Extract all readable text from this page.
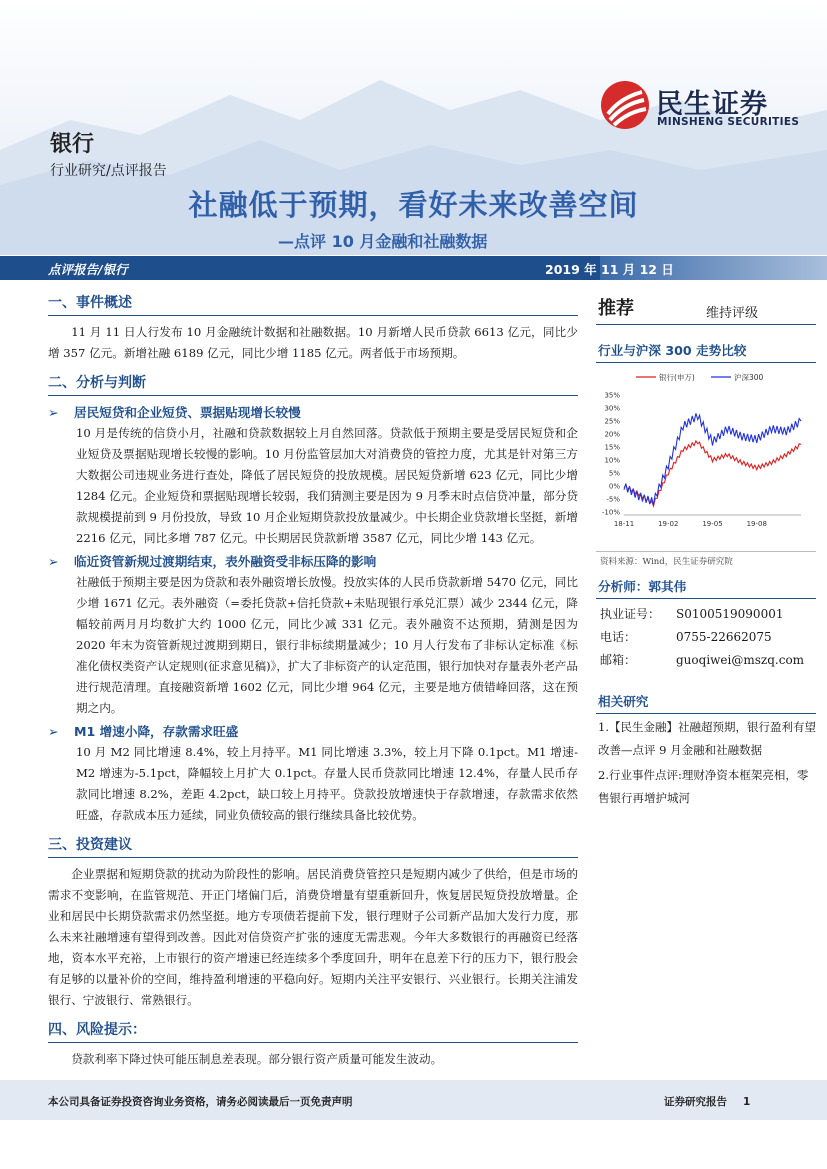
民生证券
MINSHENG SECURITIES
银行
行业研究/点评报告
社融低于预期，看好未来改善空间
—点评 10 月金融和社融数据
点评报告/银行	2019 年 11 月 12 日
一、事件概述

11 月 11 日人行发布 10 月金融统计数据和社融数据。10 月新增人民币贷款 6613 亿元，同比少增 357 亿元。新增社融 6189 亿元，同比少增 1185 亿元。两者低于市场预期。

二、分析与判断
➢ 居民短贷和企业短贷、票据贴现增长较慢

10 月是传统的信贷小月，社融和贷款数据较上月自然回落。贷款低于预期主要是受居民短贷和企业短贷及票据贴现增长较慢的影响。10 月份监管层加大对消费贷的管控力度，尤其是针对第三方大数据公司违规业务进行查处，降低了居民短贷的投放规模。居民短贷新增 623 亿元，同比少增 1284 亿元。企业短贷和票据贴现增长较弱，我们猜测主要是因为 9 月季末时点信贷冲量，部分贷款规模提前到 9 月份投放，导致 10 月企业短期贷款投放量减少。中长期企业贷款增长坚挺，新增 2216 亿元，同比多增 787 亿元。中长期居民贷款新增 3587 亿元，同比少增 143 亿元。

➢ 临近资管新规过渡期结束，表外融资受非标压降的影响

社融低于预期主要是因为贷款和表外融资增长放慢。投放实体的人民币贷款新增 5470 亿元，同比少增 1671 亿元。表外融资（=委托贷款+信托贷款+未贴现银行承兑汇票）减少 2344 亿元，降幅较前两月月均数扩大约 1000 亿元，同比少减 331 亿元。表外融资不达预期，猜测是因为 2020 年末为资管新规过渡期到期日，银行非标续期量减少；10 月人行发布了非标认定标准《标准化债权类资产认定规则(征求意见稿)》，扩大了非标资产的认定范围，银行加快对存量表外老产品进行规范清理。直接融资新增 1602 亿元，同比少增 964 亿元，主要是地方债错峰回落，这在预期之内。

➢ M1 增速小降，存款需求旺盛

10 月 M2 同比增速 8.4%，较上月持平。M1 同比增速 3.3%，较上月下降 0.1pct。M1 增速-M2 增速为-5.1pct，降幅较上月扩大 0.1pct。存量人民币贷款同比增速 12.4%，存量人民币存款同比增速 8.2%，差距 4.2pct，缺口较上月持平。贷款投放增速快于存款增速，存款需求依然旺盛，存款成本压力延续，同业负债较高的银行继续具备比较优势。

三、投资建议

企业票据和短期贷款的扰动为阶段性的影响。居民消费贷管控只是短期内减少了供给，但是市场的需求不变影响，在监管规范、开正门堵偏门后，消费贷增量有望重新回升，恢复居民短贷投放增量。企业和居民中长期贷款需求仍然坚挺。地方专项债若提前下发，银行理财子公司新产品加大发行力度，那么未来社融增速有望得到改善。因此对信贷资产扩张的速度无需悲观。今年大多数银行的再融资已经落地，资本水平充裕，上市银行的资产增速已经连续多个季度回升，明年在息差下行的压力下，银行股会有足够的以量补价的空间，维持盈利增速的平稳向好。短期内关注平安银行、兴业银行。长期关注浦发银行、宁波银行、常熟银行。

四、风险提示：

贷款利率下降过快可能压制息差表现。部分银行资产质量可能发生波动。

推荐	维持评级
行业与沪深 300 走势比较
银行(申万)	沪深300
35%
30%
25%
20%
15%
10%
5%
0%
-5%
-10%
18-11	19-02	19-05	19-08
资料来源：Wind，民生证券研究院
分析师：郭其伟
执业证号： S0100519090001
电话：	0755-22662075
邮箱：	guoqiwei@mszq.com
相关研究

1.【民生金融】社融超预期，银行盈利有望改善—点评 9 月金融和社融数据

2.行业事件点评:理财净资本框架亮相，零售银行再增护城河

本公司具备证券投资咨询业务资格，请务必阅读最后一页免责声明	证券研究报告 1
